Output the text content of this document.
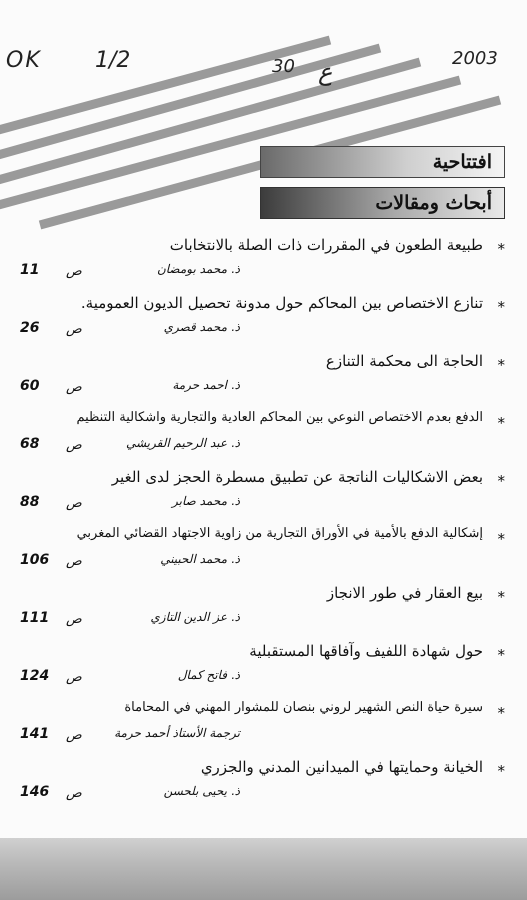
OK 1/2	30 ع	2003
افتتاحية
أبحاث ومقالات
*
طبيعة الطعون في المقررات ذات الصلة بالانتخابات
ذ. محمد بومضان
ص
11
*
تنازع الاختصاص بين المحاكم حول مدونة تحصيل الديون العمومية.
ذ. محمد قصري
ص
26
*
الحاجة الى محكمة التنازع
ذ. احمد حرمة
ص
60
*
الدفع بعدم الاختصاص النوعي بين المحاكم العادية والتجارية واشكالية التنظيم
ذ. عبد الرحيم القريشي
ص
68
*
بعض الاشكاليات الناتجة عن تطبيق مسطرة الحجز لدى الغير
ذ. محمد صابر
ص
88
*
إشكالية الدفع بالأمية في الأوراق التجارية من زاوية الاجتهاد القضائي المغربي
ذ. محمد الحبيني
ص
106
*
بيع العقار في طور الانجاز
ذ. عز الدين التازي
ص
111
*
حول شهادة اللفيف وآفاقها المستقبلية
ذ. فاتح كمال
ص
124
*
سيرة حياة النص الشهير لروني بنصان للمشوار المهني في المحاماة
ترجمة الأستاذ أحمد حرمة
ص
141
*
الخيانة وحمايتها في الميدانين المدني والجزري
ذ. يحيى بلحسن
ص
146
